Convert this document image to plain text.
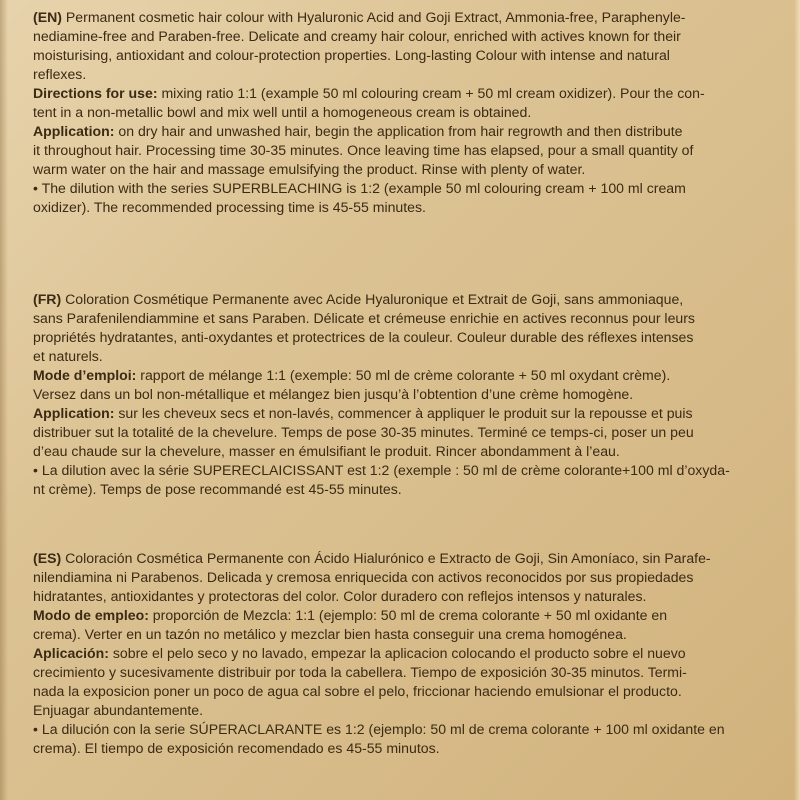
(EN) Permanent cosmetic hair colour with Hyaluronic Acid and Goji Extract, Ammonia-free, Paraphenyle-
nediamine-free and Paraben-free. Delicate and creamy hair colour, enriched with actives known for their
moisturising, antioxidant and colour-protection properties. Long-lasting Colour with intense and natural
reflexes.
Directions for use: mixing ratio 1:1 (example 50 ml colouring cream + 50 ml cream oxidizer). Pour the con-
tent in a non-metallic bowl and mix well until a homogeneous cream is obtained.
Application: on dry hair and unwashed hair, begin the application from hair regrowth and then distribute
it throughout hair. Processing time 30-35 minutes. Once leaving time has elapsed, pour a small quantity of
warm water on the hair and massage emulsifying the product. Rinse with plenty of water.
• The dilution with the series SUPERBLEACHING is 1:2 (example 50 ml colouring cream + 100 ml cream
oxidizer). The recommended processing time is 45-55 minutes.
(FR) Coloration Cosmétique Permanente avec Acide Hyaluronique et Extrait de Goji, sans ammoniaque,
sans Parafenilendiammine et sans Paraben. Délicate et crémeuse enrichie en actives reconnus pour leurs
propriétés hydratantes, anti-oxydantes et protectrices de la couleur. Couleur durable des réflexes intenses
et naturels.
Mode d’emploi: rapport de mélange 1:1 (exemple: 50 ml de crème colorante + 50 ml oxydant crème).
Versez dans un bol non-métallique et mélangez bien jusqu’à l’obtention d’une crème homogène.
Application: sur les cheveux secs et non-lavés, commencer à appliquer le produit sur la repousse et puis
distribuer sut la totalité de la chevelure. Temps de pose 30-35 minutes. Terminé ce temps-ci, poser un peu
d’eau chaude sur la chevelure, masser en émulsifiant le produit. Rincer abondamment à l’eau.
• La dilution avec la série SUPERECLAICISSANT est 1:2 (exemple : 50 ml de crème colorante+100 ml d’oxyda-
nt crème). Temps de pose recommandé est 45-55 minutes.
(ES) Coloración Cosmética Permanente con Ácido Hialurónico e Extracto de Goji, Sin Amoníaco, sin Parafe-
nilendiamina ni Parabenos. Delicada y cremosa enriquecida con activos reconocidos por sus propiedades
hidratantes, antioxidantes y protectoras del color. Color duradero con reflejos intensos y naturales.
Modo de empleo: proporción de Mezcla: 1:1 (ejemplo: 50 ml de crema colorante + 50 ml oxidante en
crema). Verter en un tazón no metálico y mezclar bien hasta conseguir una crema homogénea.
Aplicación: sobre el pelo seco y no lavado, empezar la aplicacion colocando el producto sobre el nuevo
crecimiento y sucesivamente distribuir por toda la cabellera. Tiempo de exposición 30-35 minutos. Termi-
nada la exposicion poner un poco de agua cal sobre el pelo, friccionar haciendo emulsionar el producto.
Enjuagar abundantemente.
• La dilución con la serie SÚPERACLARANTE es 1:2 (ejemplo: 50 ml de crema colorante + 100 ml oxidante en
crema). El tiempo de exposición recomendado es 45-55 minutos.
